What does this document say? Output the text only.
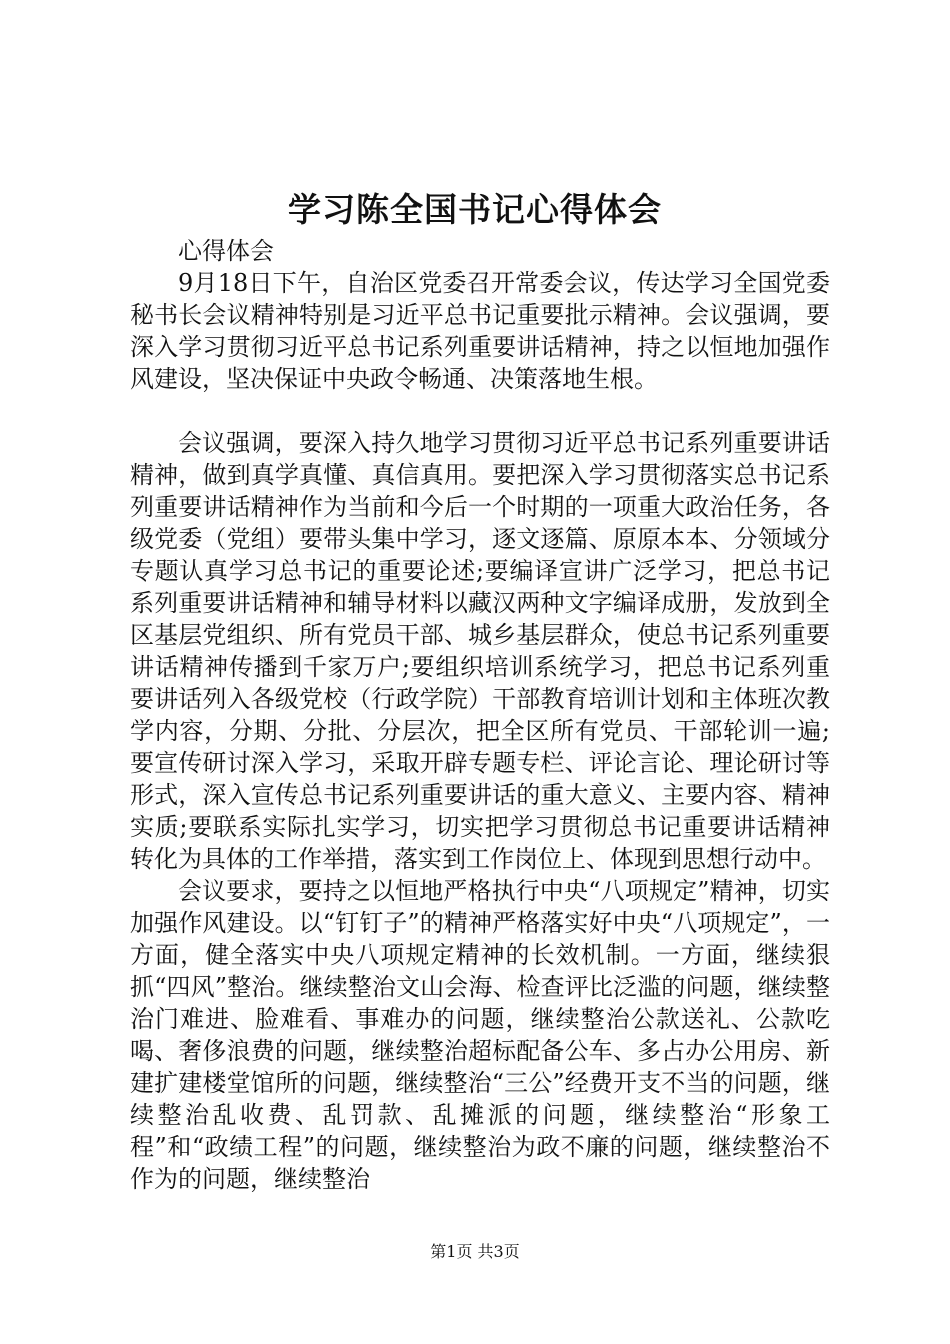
学习陈全国书记心得体会

心得体会

9月18日下午，自治区党委召开常委会议，传达学习全国党委秘书长会议精神特别是习近平总书记重要批示精神。会议强调，要深入学习贯彻习近平总书记系列重要讲话精神，持之以恒地加强作风建设，坚决保证中央政令畅通、决策落地生根。

会议强调，要深入持久地学习贯彻习近平总书记系列重要讲话精神，做到真学真懂、真信真用。要把深入学习贯彻落实总书记系列重要讲话精神作为当前和今后一个时期的一项重大政治任务，各级党委（党组）要带头集中学习，逐文逐篇、原原本本、分领域分专题认真学习总书记的重要论述;要编译宣讲广泛学习，把总书记系列重要讲话精神和辅导材料以藏汉两种文字编译成册，发放到全区基层党组织、所有党员干部、城乡基层群众，使总书记系列重要讲话精神传播到千家万户;要组织培训系统学习，把总书记系列重要讲话列入各级党校（行政学院）干部教育培训计划和主体班次教学内容，分期、分批、分层次，把全区所有党员、干部轮训一遍;要宣传研讨深入学习，采取开辟专题专栏、评论言论、理论研讨等形式，深入宣传总书记系列重要讲话的重大意义、主要内容、精神实质;要联系实际扎实学习，切实把学习贯彻总书记重要讲话精神转化为具体的工作举措，落实到工作岗位上、体现到思想行动中。

会议要求，要持之以恒地严格执行中央“八项规定”精神，切实加强作风建设。以“钉钉子”的精神严格落实好中央“八项规定”，一方面，健全落实中央八项规定精神的长效机制。一方面，继续狠抓“四风”整治。继续整治文山会海、检查评比泛滥的问题，继续整治门难进、脸难看、事难办的问题，继续整治公款送礼、公款吃喝、奢侈浪费的问题，继续整治超标配备公车、多占办公用房、新建扩建楼堂馆所的问题，继续整治“三公”经费开支不当的问题，继续整治乱收费、乱罚款、乱摊派的问题，继续整治“形象工程”和“政绩工程”的问题，继续整治为政不廉的问题，继续整治不作为的问题，继续整治

第1页 共3页
